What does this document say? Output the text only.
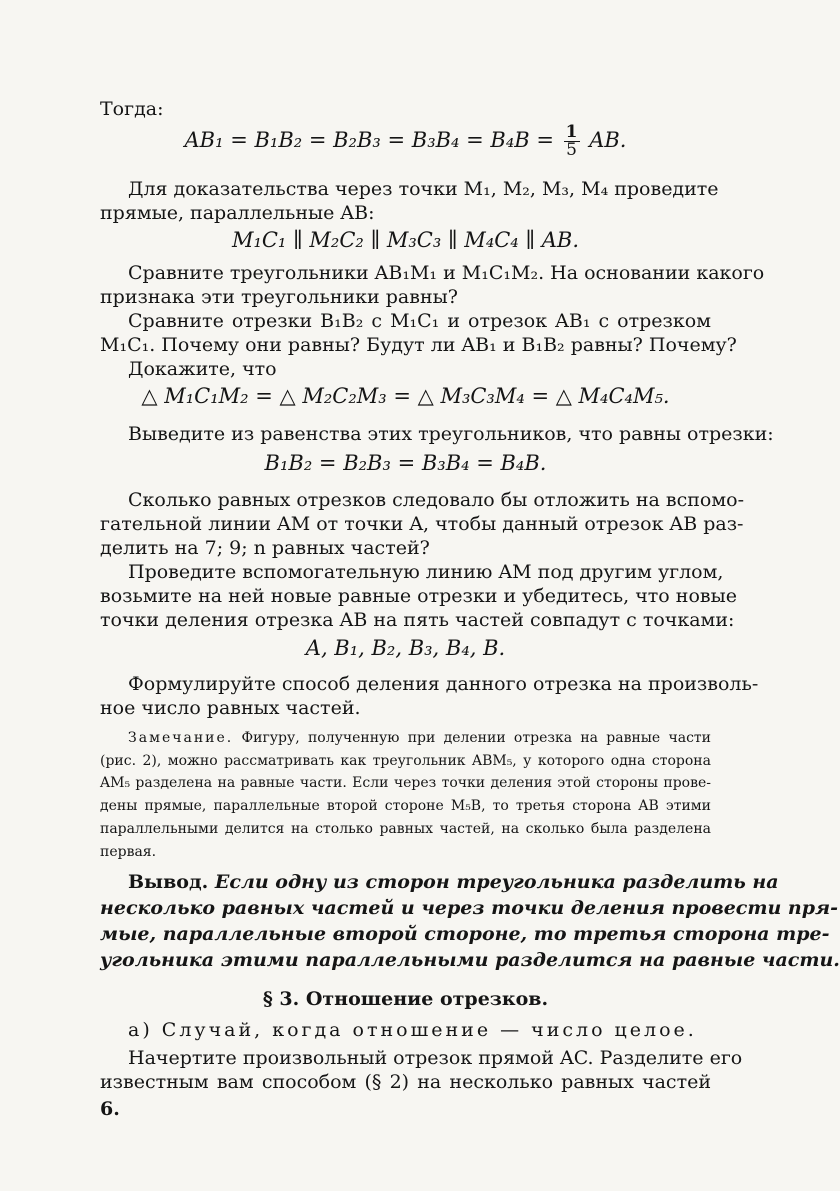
Тогда:
$AB_1 = B_1B_2 = B_2B_3 = B_3B_4 = B_4B = \frac{1}{5}$ AB.
Для доказательства через точки M₁, M₂, M₃, M₄ проведите
прямые, параллельные AB:
M₁C₁ ∥ M₂C₂ ∥ M₃C₃ ∥ M₄C₄ ∥ AB.
Сравните треугольники AB₁M₁ и M₁C₁M₂. На основании какого
признака эти треугольники равны?
Сравните отрезки B₁B₂ с M₁C₁ и отрезок AB₁ с отрезком
M₁C₁. Почему они равны? Будут ли AB₁ и B₁B₂ равны? Почему?
Докажите, что
△ M₁C₁M₂ = △ M₂C₂M₃ = △ M₃C₃M₄ = △ M₄C₄M₅.
Выведите из равенства этих треугольников, что равны отрезки:
B₁B₂ = B₂B₃ = B₃B₄ = B₄B.
Сколько равных отрезков следовало бы отложить на вспомо-
гательной линии AM от точки A, чтобы данный отрезок AB раз-
делить на 7; 9; n равных частей?
Проведите вспомогательную линию AM под другим углом,
возьмите на ней новые равные отрезки и убедитесь, что новые
точки деления отрезка AB на пять частей совпадут с точками:
A, B₁, B₂, B₃, B₄, B.
Формулируйте способ деления данного отрезка на произволь-
ное число равных частей.
Замечание. Фигуру, полученную при делении отрезка на равные части
(рис. 2), можно рассматривать как треугольник ABM₅, у которого одна сторона
AM₅ разделена на равные части. Если через точки деления этой стороны прове-
дены прямые, параллельные второй стороне M₅B, то третья сторона AB этими
параллельными делится на столько равных частей, на сколько была разделена
первая.
Вывод. Если одну из сторон треугольника разделить на
несколько равных частей и через точки деления провести пря-
мые, параллельные второй стороне, то третья сторона тре-
угольника этими параллельными разделится на равные части.
§ 3. Отношение отрезков.
а) Случай, когда отношение — число целое.
Начертите произвольный отрезок прямой AC. Разделите его
известным вам способом (§ 2) на несколько равных частей
6.
